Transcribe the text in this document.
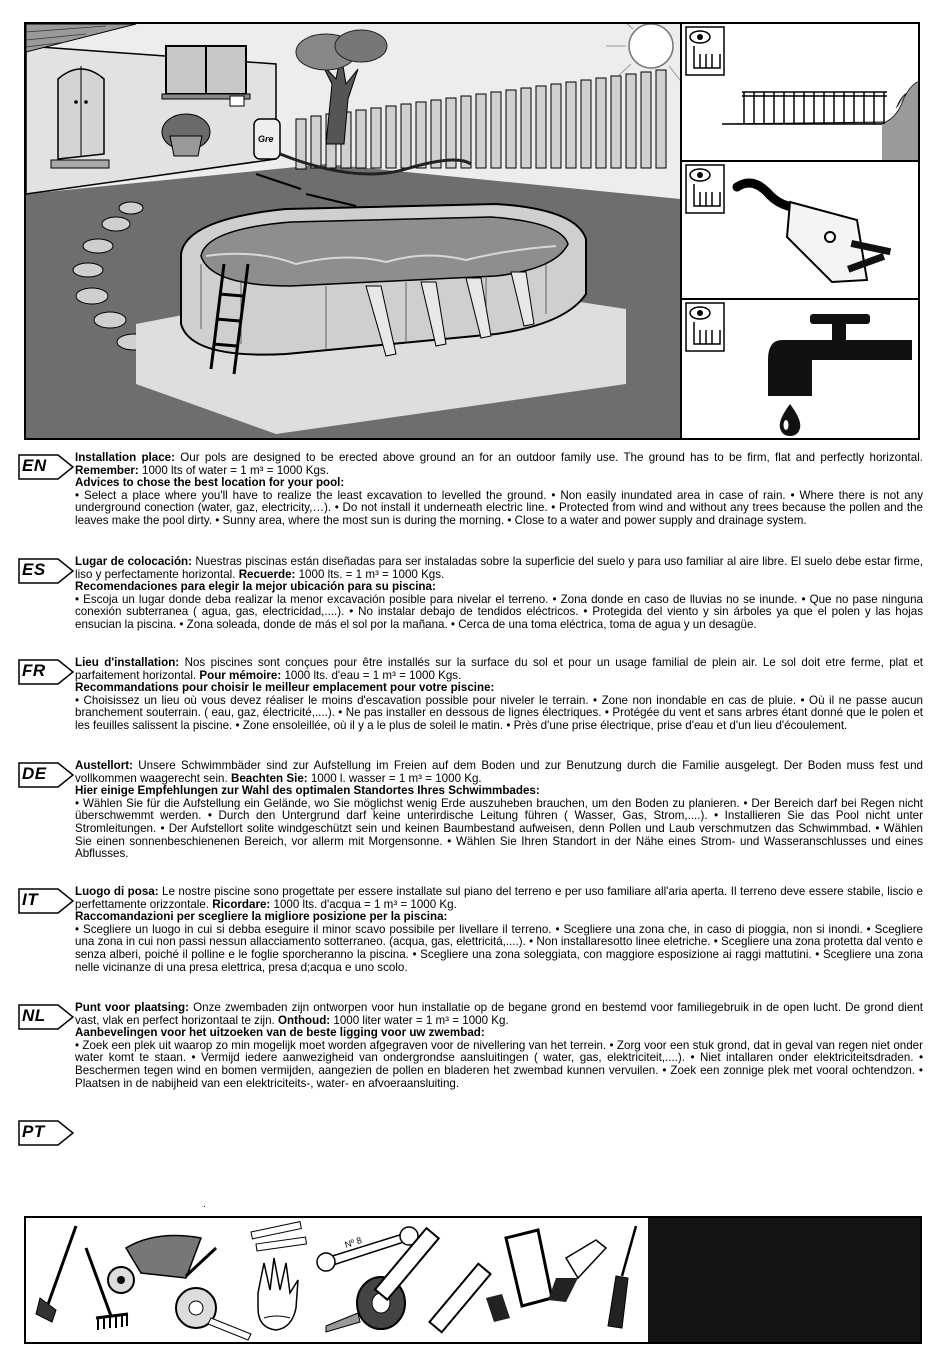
Gre
EN Installation place: Our pols are designed to be erected above ground an for an outdoor family use. The ground has to be firm, flat and perfectly horizontal. Remember: 1000 lts of water = 1 m³ = 1000 Kgs.

Advices to chose the best location for your pool:

• Select a place where you'll have to realize the least excavation to levelled the ground. • Non easily inundated area in case of rain. • Where there is not any underground conection (water, gaz, electricity,…). • Do not install it underneath electric line. • Protected from wind and without any trees because the pollen and the leaves make the pool dirty. • Sunny area, where the most sun is during the morning. • Close to a water and power supply and drainage system.

ES	Lugar de colocación: Nuestras piscinas están diseñadas para ser instaladas sobre la superficie del suelo y para uso familiar al aire libre. El suelo debe estar firme, liso y perfectamente horizontal. Recuerde: 1000 lts. = 1 m³ = 1000 Kgs.

Recomendaciones para elegir la mejor ubicación para su piscina:

• Escoja un lugar donde deba realizar la menor excavación posible para nivelar el terreno. • Zona donde en caso de lluvias no se inunde. • Que no pase ninguna conexión subterranea ( agua, gas, electricidad,....). • No instalar debajo de tendidos eléctricos. • Protegida del viento y sin árboles ya que el polen y las hojas ensucian la piscina. • Zona soleada, donde de más el sol por la mañana. • Cerca de una toma eléctrica, toma de agua y un desagüe.

FR	Lieu d'installation: Nos piscines sont conçues pour être installés sur la surface du sol et pour un usage familial de plein air. Le sol doit etre ferme, plat et parfaitement horizontal. Pour mémoire: 1000 lts. d'eau = 1 m³ = 1000 Kgs.

Recommandations pour choisir le meilleur emplacement pour votre piscine:

• Choisissez un lieu où vous devez réaliser le moins d'escavation possible pour niveler le terrain. • Zone non inondable en cas de pluie. • Où il ne passe aucun branchement souterrain. ( eau, gaz, électricité,....). • Ne pas installer en dessous de lignes électriques. • Protégée du vent et sans arbres étant donné que le polen et les feuilles salissent la piscine. • Zone ensoleillée, où il y a le plus de soleil le matin. • Près d'une prise électrique, prise d'eau et d'un lieu d'écoulement.

DE Austellort: Unsere Schwimmbäder sind zur Aufstellung im Freien auf dem Boden und zur Benutzung durch die Familie ausgelegt. Der Boden muss fest und vollkommen waagerecht sein. Beachten Sie: 1000 l. wasser = 1 m³ = 1000 Kg.

Hier einige Empfehlungen zur Wahl des optimalen Standortes Ihres Schwimmbades:

• Wählen Sie für die Aufstellung ein Gelände, wo Sie möglichst wenig Erde auszuheben brauchen, um den Boden zu planieren. • Der Bereich darf bei Regen nicht überschwemmt werden. • Durch den Untergrund darf keine unterirdische Leitung führen ( Wasser, Gas, Strom,....). • Installieren Sie das Pool nicht unter Stromleitungen. • Der Aufstellort solite windgeschützt sein und keinen Baumbestand aufweisen, denn Pollen und Laub verschmutzen das Schwimmbad. • Wählen Sie einen sonnenbeschienenen Bereich, vor allerm mit Morgensonne. • Wählen Sie Ihren Standort in der Nähe eines Strom- und Wasseranschlusses und eines Abflusses.

IT	Luogo di posa: Le nostre piscine sono progettate per essere installate sul piano del terreno e per uso familiare all'aria aperta. Il terreno deve essere stabile, liscio e perfettamente orizzontale. Ricordare: 1000 lts. d'acqua = 1 m³ = 1000 Kg.

Raccomandazioni per scegliere la migliore posizione per la piscina:

• Scegliere un luogo in cui si debba eseguire il minor scavo possibile per livellare il terreno. • Scegliere una zona che, in caso di pioggia, non si inondi. • Scegliere una zona in cui non passi nessun allacciamento sotterraneo. (acqua, gas, elettricitá,....). • Non installaresotto linee eletriche. • Scegliere una zona protetta dal vento e senza alberi, poiché il polline e le foglie sporcheranno la piscina. • Scegliere una zona soleggiata, con maggiore esposizione ai raggi mattutini. • Scegliere una zona nelle vicinanze di una presa elettrica, presa d;acqua e uno scolo.

NL	Punt voor plaatsing: Onze zwembaden zijn ontworpen voor hun installatie op de begane grond en bestemd voor familiegebruik in de open lucht. De grond dient vast, vlak en perfect horizontaal te zijn. Onthoud: 1000 liter water = 1 m³ = 1000 Kg.

Aanbevelingen voor het uitzoeken van de beste ligging voor uw zwembad:

• Zoek een plek uit waarop zo min mogelijk moet worden afgegraven voor de nivellering van het terrein. • Zorg voor een stuk grond, dat in geval van regen niet onder water komt te staan. • Vermijd iedere aanwezigheid van ondergrondse aansluitingen ( water, gas, elektriciteit,....). • Niet intallaren onder elektriciteitsdraden. • Beschermen tegen wind en bomen vermijden, aangezien de pollen en bladeren het zwembad kunnen vervuilen. • Zoek een zonnige plek met vooral ochtendzon. • Plaatsen in de nabijheid van een elektriciteits-, water- en afvoeraansluiting.

PT

.
Nº 8
